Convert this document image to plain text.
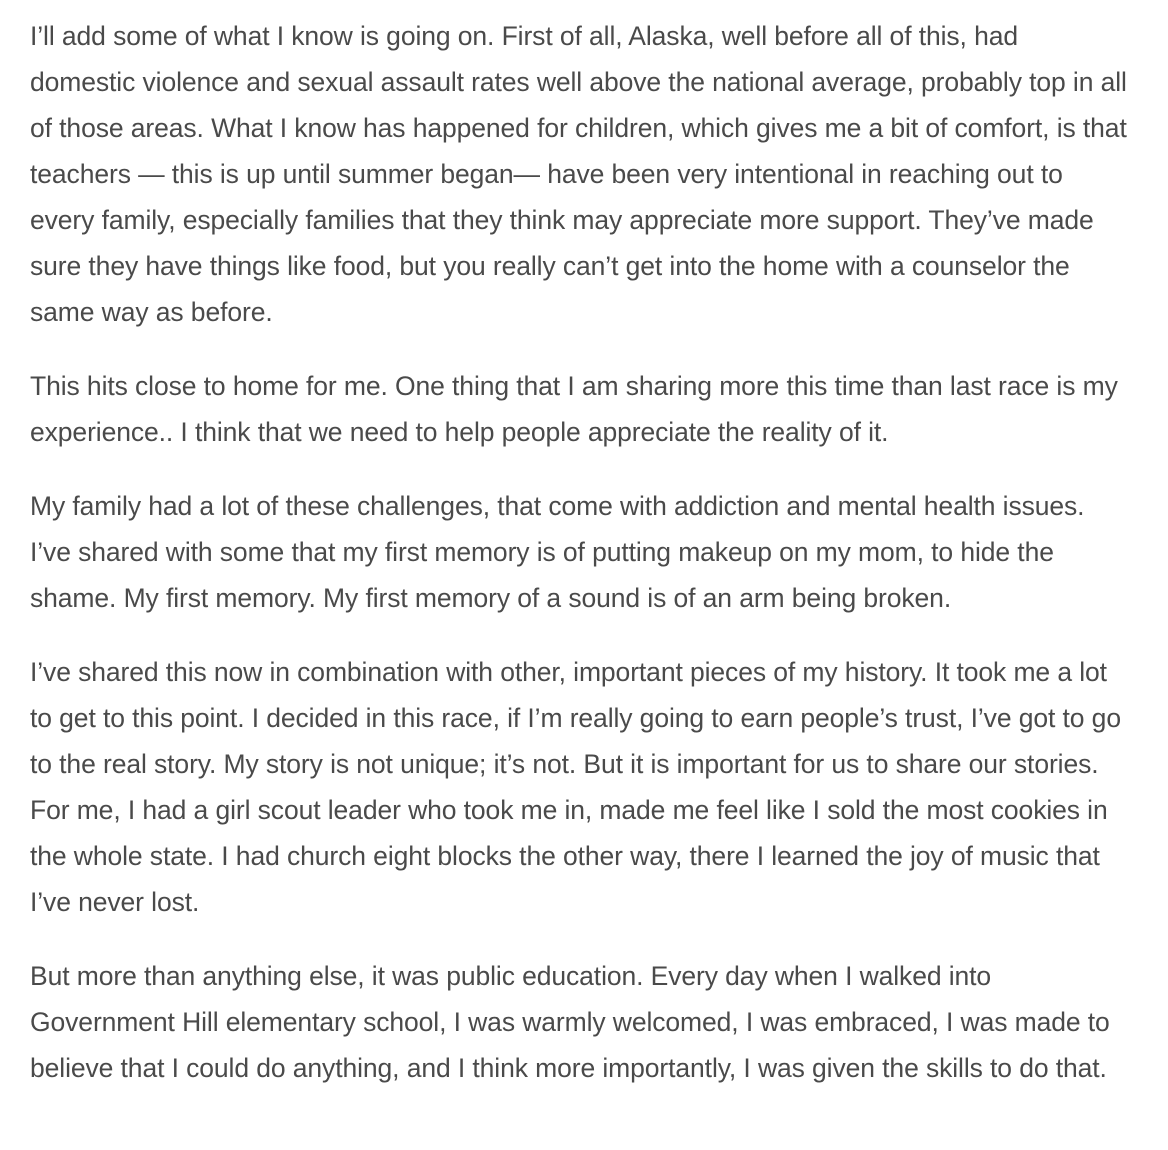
I’ll add some of what I know is going on. First of all, Alaska, well before all of this, had domestic violence and sexual assault rates well above the national average, probably top in all of those areas. What I know has happened for children, which gives me a bit of comfort, is that teachers — this is up until summer began— have been very intentional in reaching out to every family, especially families that they think may appreciate more support. They’ve made sure they have things like food, but you really can’t get into the home with a counselor the same way as before.

This hits close to home for me. One thing that I am sharing more this time than last race is my experience.. I think that we need to help people appreciate the reality of it.

My family had a lot of these challenges, that come with addiction and mental health issues. I’ve shared with some that my first memory is of putting makeup on my mom, to hide the shame. My first memory. My first memory of a sound is of an arm being broken.

I’ve shared this now in combination with other, important pieces of my history. It took me a lot to get to this point. I decided in this race, if I’m really going to earn people’s trust, I’ve got to go to the real story. My story is not unique; it’s not. But it is important for us to share our stories. For me, I had a girl scout leader who took me in, made me feel like I sold the most cookies in the whole state. I had church eight blocks the other way, there I learned the joy of music that I’ve never lost.

But more than anything else, it was public education. Every day when I walked into Government Hill elementary school, I was warmly welcomed, I was embraced, I was made to believe that I could do anything, and I think more importantly, I was given the skills to do that.
